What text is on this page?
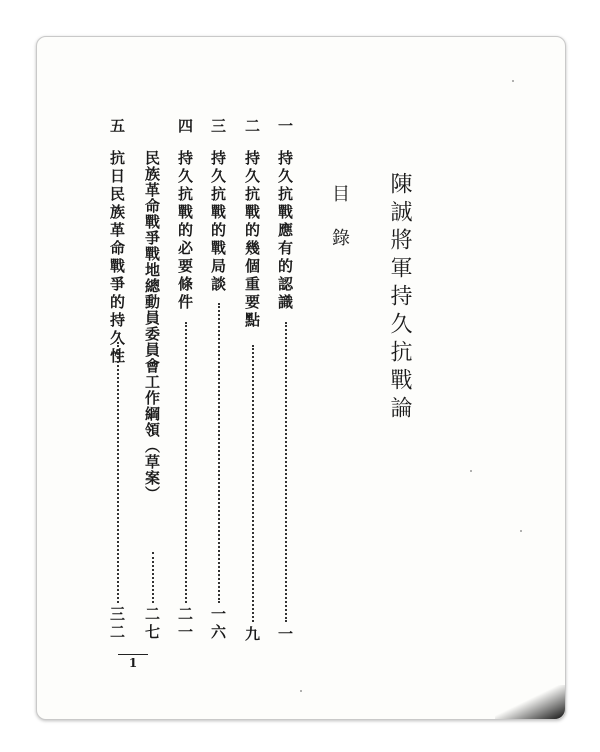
陳誠將軍持久抗戰論
目錄
一
持久抗戰應有的認識
一
二
持久抗戰的幾個重要點
九
三
持久抗戰的戰局談
一六
四
持久抗戰的必要條件
二一
民族革命戰爭戰地總動員委員會工作綱領（草案）
二七
五
抗日民族革命戰爭的持久性
三二
1
